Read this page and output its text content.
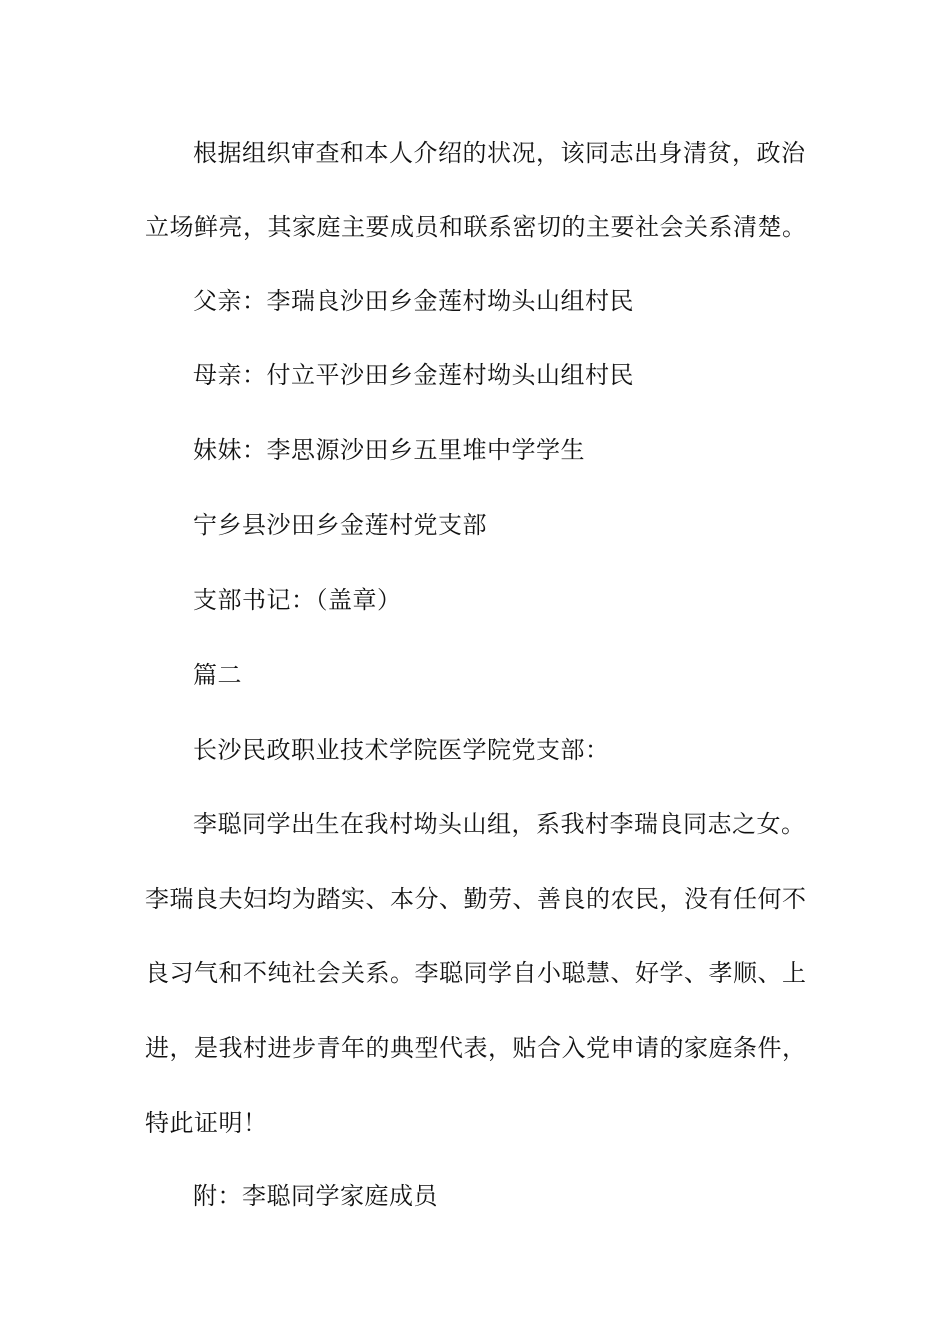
根据组织审查和本人介绍的状况，该同志出身清贫，政治
立场鲜亮，其家庭主要成员和联系密切的主要社会关系清楚。
父亲：李瑞良沙田乡金莲村坳头山组村民
母亲：付立平沙田乡金莲村坳头山组村民
妹妹：李思源沙田乡五里堆中学学生
宁乡县沙田乡金莲村党支部
支部书记：（盖章）
篇二
长沙民政职业技术学院医学院党支部：
李聪同学出生在我村坳头山组，系我村李瑞良同志之女。
李瑞良夫妇均为踏实、本分、勤劳、善良的农民，没有任何不
良习气和不纯社会关系。李聪同学自小聪慧、好学、孝顺、上
进，是我村进步青年的典型代表，贴合入党申请的家庭条件，
特此证明！
附：李聪同学家庭成员
